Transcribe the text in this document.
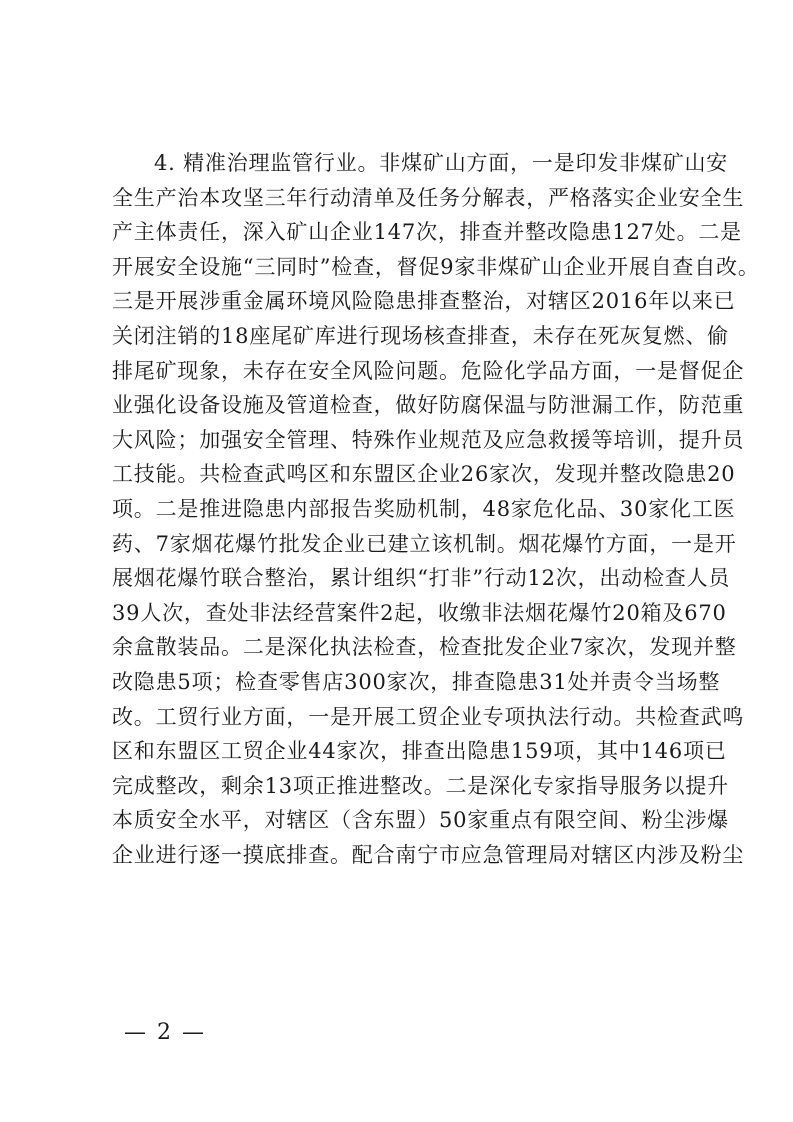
4. 精准治理监管行业。非煤矿山方面，一是印发非煤矿山安
全生产治本攻坚三年行动清单及任务分解表，严格落实企业安全生
产主体责任，深入矿山企业147次，排查并整改隐患127处。二是
开展安全设施“三同时”检查，督促9家非煤矿山企业开展自查自改。
三是开展涉重金属环境风险隐患排查整治，对辖区2016年以来已
关闭注销的18座尾矿库进行现场核查排查，未存在死灰复燃、偷
排尾矿现象，未存在安全风险问题。危险化学品方面，一是督促企
业强化设备设施及管道检查，做好防腐保温与防泄漏工作，防范重
大风险；加强安全管理、特殊作业规范及应急救援等培训，提升员
工技能。共检查武鸣区和东盟区企业26家次，发现并整改隐患20
项。二是推进隐患内部报告奖励机制，48家危化品、30家化工医
药、7家烟花爆竹批发企业已建立该机制。烟花爆竹方面，一是开
展烟花爆竹联合整治，累计组织“打非”行动12次，出动检查人员
39人次，查处非法经营案件2起，收缴非法烟花爆竹20箱及670
余盒散装品。二是深化执法检查，检查批发企业7家次，发现并整
改隐患5项；检查零售店300家次，排查隐患31处并责令当场整
改。工贸行业方面，一是开展工贸企业专项执法行动。共检查武鸣
区和东盟区工贸企业44家次，排查出隐患159项，其中146项已
完成整改，剩余13项正推进整改。二是深化专家指导服务以提升
本质安全水平，对辖区（含东盟）50家重点有限空间、粉尘涉爆
企业进行逐一摸底排查。配合南宁市应急管理局对辖区内涉及粉尘
— 2 —
